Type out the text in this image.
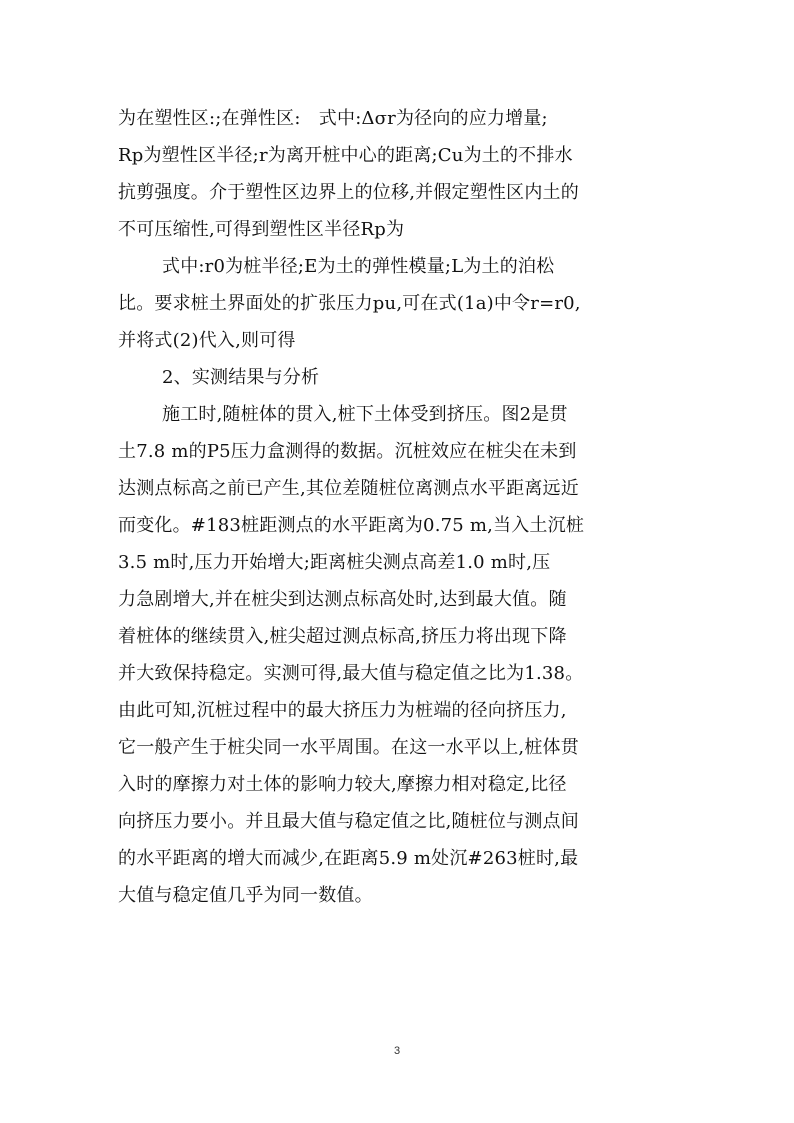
为在塑性区:;在弹性区:　式中:Δσr为径向的应力增量;
Rp为塑性区半径;r为离开桩中心的距离;Cu为土的不排水
抗剪强度。介于塑性区边界上的位移,并假定塑性区内土的
不可压缩性,可得到塑性区半径Rp为
式中:r0为桩半径;E为土的弹性模量;L为土的泊松
比。要求桩土界面处的扩张压力pu,可在式(1a)中令r=r0,
并将式(2)代入,则可得
2、实测结果与分析
施工时,随桩体的贯入,桩下土体受到挤压。图2是贯
土7.8 m的P5压力盒测得的数据。沉桩效应在桩尖在未到
达测点标高之前已产生,其位差随桩位离测点水平距离远近
而变化。#183桩距测点的水平距离为0.75 m,当入土沉桩
3.5 m时,压力开始增大;距离桩尖测点高差1.0 m时,压
力急剧增大,并在桩尖到达测点标高处时,达到最大值。随
着桩体的继续贯入,桩尖超过测点标高,挤压力将出现下降
并大致保持稳定。实测可得,最大值与稳定值之比为1.38。
由此可知,沉桩过程中的最大挤压力为桩端的径向挤压力,
它一般产生于桩尖同一水平周围。在这一水平以上,桩体贯
入时的摩擦力对土体的影响力较大,摩擦力相对稳定,比径
向挤压力要小。并且最大值与稳定值之比,随桩位与测点间
的水平距离的增大而减少,在距离5.9 m处沉#263桩时,最
大值与稳定值几乎为同一数值。
3
